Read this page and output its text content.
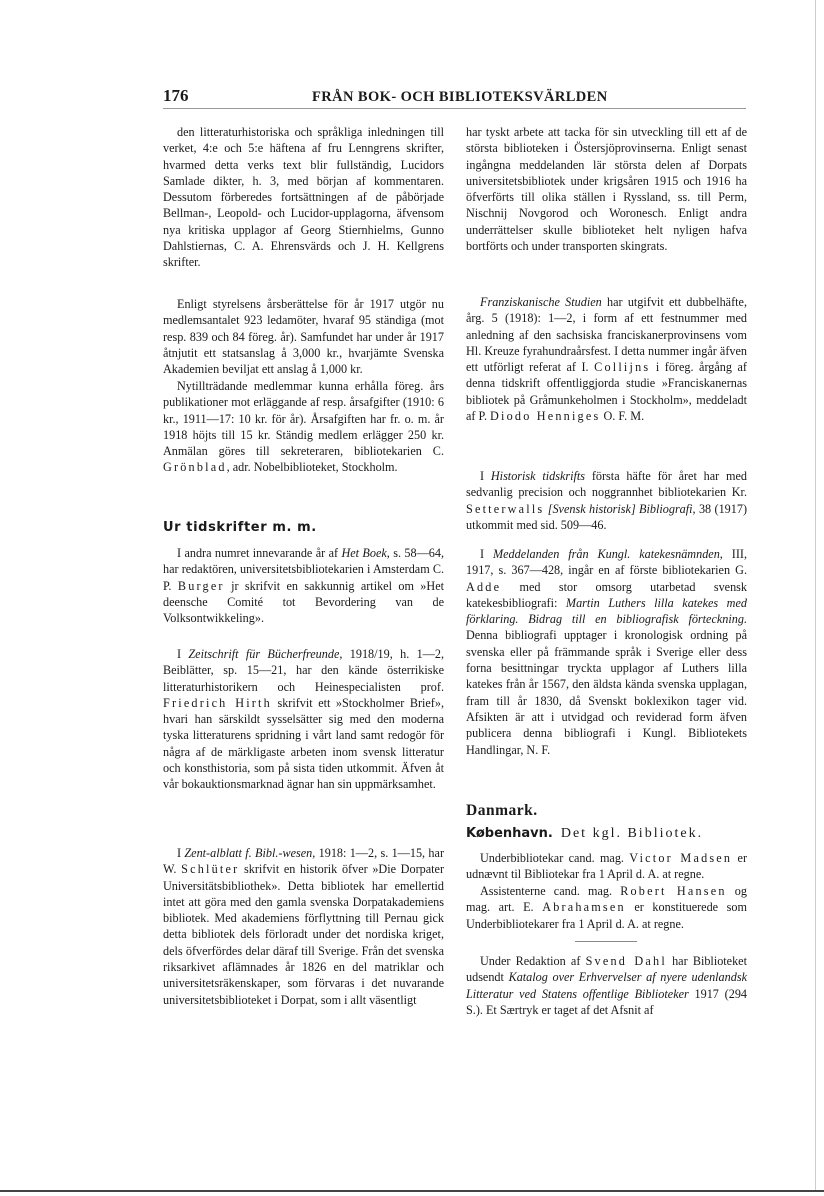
176	FRÅN BOK- OCH BIBLIOTEKSVÄRLDEN
den litteraturhistoriska och språkliga inledningen till verket, 4:e och 5:e häftena af fru Lenngrens skrifter, hvarmed detta verks text blir fullständig, Lucidors Samlade dikter, h. 3, med början af kommentaren. Dessutom förberedes fortsättningen af de påbörjade Bellman-, Leopold- och Lucidor-upplagorna, äfvensom nya kritiska upplagor af Georg Stiernhielms, Gunno Dahlstiernas, C. A. Ehrensvärds och J. H. Kellgrens skrifter.
Enligt styrelsens årsberättelse för år 1917 utgör nu medlemsantalet 923 ledamöter, hvaraf 95 ständiga (mot resp. 839 och 84 föreg. år). Samfundet har under år 1917 åtnjutit ett statsanslag å 3,000 kr., hvarjämte Svenska Akademien beviljat ett anslag å 1,000 kr.
Nytillträdande medlemmar kunna erhålla föreg. års publikationer mot erläggande af resp. årsafgifter (1910: 6 kr., 1911—17: 10 kr. för år). Årsafgiften har fr. o. m. år 1918 höjts till 15 kr. Ständig medlem erlägger 250 kr. Anmälan göres till sekreteraren, bibliotekarien C. Grönblad, adr. Nobelbiblioteket, Stockholm.
Ur tidskrifter m. m.
I andra numret innevarande år af Het Boek, s. 58—64, har redaktören, universitetsbibliotekarien i Amsterdam C. P. Burger jr skrifvit en sakkunnig artikel om »Het deensche Comité tot Bevordering van de Volksontwikkeling».
I Zeitschrift für Bücherfreunde, 1918/19, h. 1—2, Beiblätter, sp. 15—21, har den kände österrikiske litteraturhistorikern och Heinespecialisten prof. Friedrich Hirth skrifvit ett »Stockholmer Brief», hvari han särskildt sysselsätter sig med den moderna tyska litteraturens spridning i vårt land samt redogör för några af de märkligaste arbeten inom svensk litteratur och konsthistoria, som på sista tiden utkommit. Äfven åt vår bokauktionsmarknad ägnar han sin uppmärksamhet.
I Zent-alblatt f. Bibl.-wesen, 1918: 1—2, s. 1—15, har W. Schlüter skrifvit en historik öfver »Die Dorpater Universitätsbibliothek». Detta bibliotek har emellertid intet att göra med den gamla svenska Dorpatakademiens bibliotek. Med akademiens förflyttning till Pernau gick detta bibliotek dels förloradt under det nordiska kriget, dels öfverfördes delar däraf till Sverige. Från det svenska riksarkivet aflämnades år 1826 en del matriklar och universitetsräkenskaper, som förvaras i det nuvarande universitetsbiblioteket i Dorpat, som i allt väsentligt
har tyskt arbete att tacka för sin utveckling till ett af de största biblioteken i Östersjöprovinserna. Enligt senast ingångna meddelanden lär största delen af Dorpats universitetsbibliotek under krigsåren 1915 och 1916 ha öfverförts till olika ställen i Ryssland, ss. till Perm, Nischnij Novgorod och Woronesch. Enligt andra underrättelser skulle biblioteket helt nyligen hafva bortförts och under transporten skingrats.
Franziskanische Studien har utgifvit ett dubbelhäfte, årg. 5 (1918): 1—2, i form af ett festnummer med anledning af den sachsiska franciskanerprovinsens vom Hl. Kreuze fyrahundraårsfest. I detta nummer ingår äfven ett utförligt referat af I. Collijns i föreg. årgång af denna tidskrift offentliggjorda studie »Franciskanernas bibliotek på Gråmunkeholmen i Stockholm», meddeladt af P. Diodo Henniges O. F. M.
I Historisk tidskrifts första häfte för året har med sedvanlig precision och noggrannhet bibliotekarien Kr. Setterwalls [Svensk historisk] Bibliografi, 38 (1917) utkommit med sid. 509—46.
I Meddelanden från Kungl. katekesnämnden, III, 1917, s. 367—428, ingår en af förste bibliotekarien G. Adde med stor omsorg utarbetad svensk katekesbibliografi: Martin Luthers lilla katekes med förklaring. Bidrag till en bibliografisk förteckning. Denna bibliografi upptager i kronologisk ordning på svenska eller på främmande språk i Sverige eller dess forna besittningar tryckta upplagor af Luthers lilla katekes från år 1567, den äldsta kända svenska upplagan, fram till år 1830, då Svenskt boklexikon tager vid. Afsikten är att i utvidgad och reviderad form äfven publicera denna bibliografi i Kungl. Bibliotekets Handlingar, N. F.
Danmark.
København. Det kgl. Bibliotek.
Underbibliotekar cand. mag. Victor Madsen er udnævnt til Bibliotekar fra 1 April d. A. at regne.
Assistenterne cand. mag. Robert Hansen og mag. art. E. Abrahamsen er konstituerede som Underbibliotekarer fra 1 April d. A. at regne.
Under Redaktion af Svend Dahl har Biblioteket udsendt Katalog over Erhvervelser af nyere udenlandsk Litteratur ved Statens offentlige Biblioteker 1917 (294 S.). Et Særtryk er taget af det Afsnit af
